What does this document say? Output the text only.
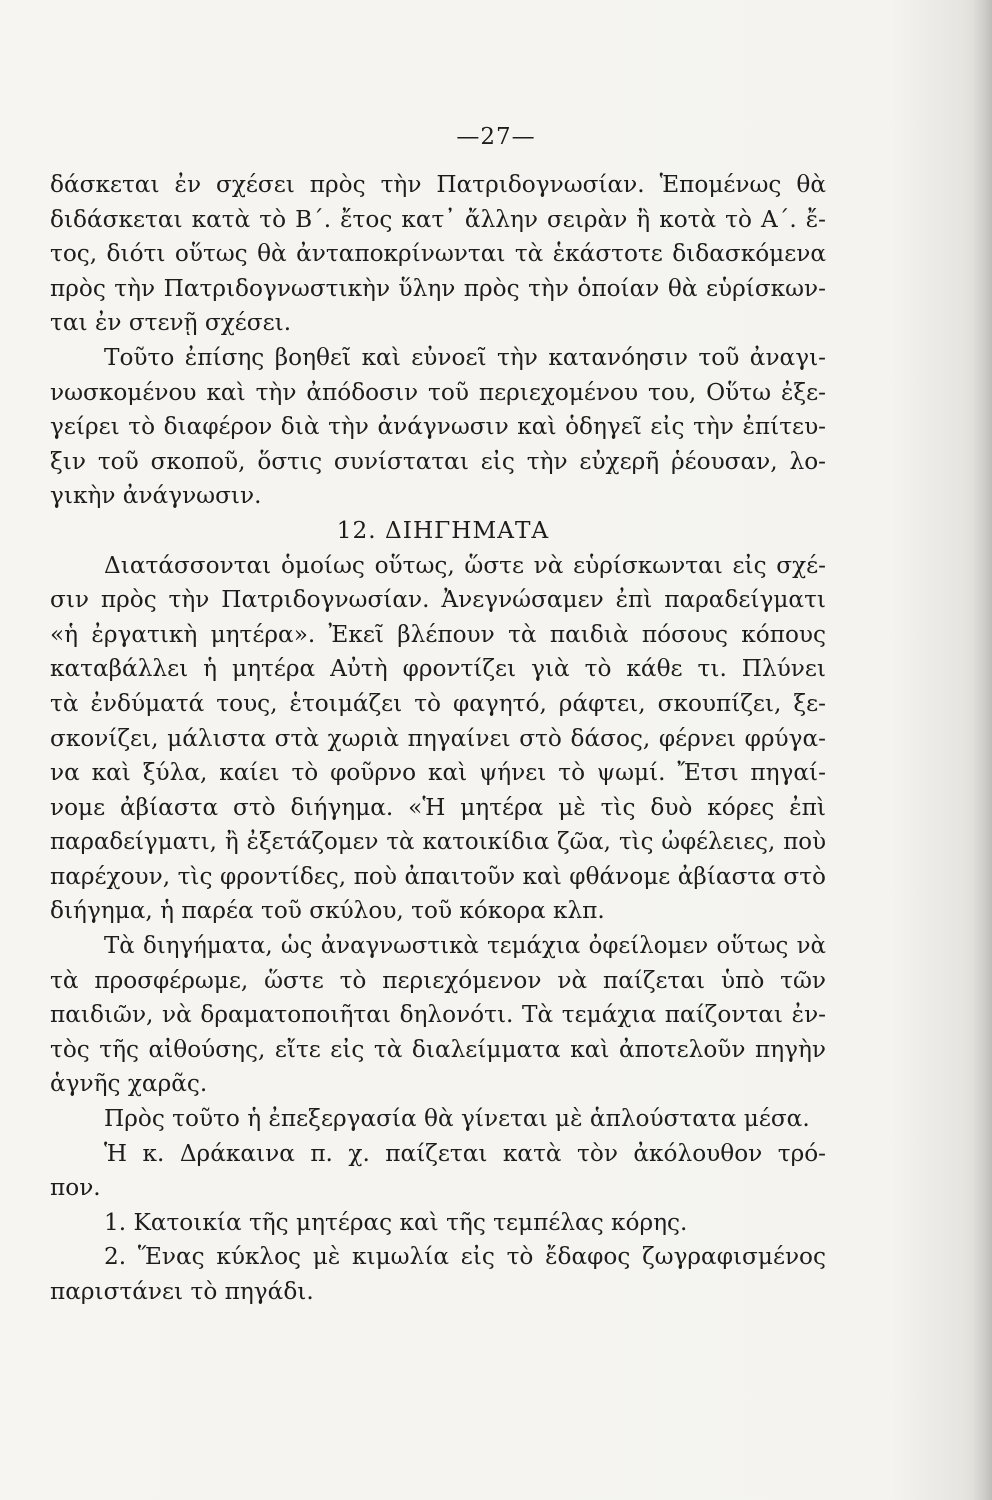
—27—
δάσκεται ἐν σχέσει πρὸς τὴν Πατριδογνωσίαν. Ἑπομένως θὰ
διδάσκεται κατὰ τὸ Β΄. ἔτος κατ᾽ ἄλλην σειρὰν ἢ κοτὰ τὸ Α΄. ἔ-
τος, διότι οὕτως θὰ ἀνταποκρίνωνται τὰ ἑκάστοτε διδασκόμενα
πρὸς τὴν Πατριδογνωστικὴν ὕλην πρὸς τὴν ὁποίαν θὰ εὑρίσκων-
ται ἐν στενῇ σχέσει.
Τοῦτο ἐπίσης βοηθεῖ καὶ εὐνοεῖ τὴν κατανόησιν τοῦ ἀναγι-
νωσκομένου καὶ τὴν ἀπόδοσιν τοῦ περιεχομένου του, Οὕτω ἐξε-
γείρει τὸ διαφέρον διὰ τὴν ἀνάγνωσιν καὶ ὁδηγεῖ εἰς τὴν ἐπίτευ-
ξιν τοῦ σκοποῦ, ὅστις συνίσταται εἰς τὴν εὐχερῆ ῥέουσαν, λο-
γικὴν ἀνάγνωσιν.
12. ΔΙΗΓΗΜΑΤΑ
Διατάσσονται ὁμοίως οὕτως, ὥστε νὰ εὑρίσκωνται εἰς σχέ-
σιν πρὸς τὴν Πατριδογνωσίαν. Ἀνεγνώσαμεν ἐπὶ παραδείγματι
«ἡ ἐργατικὴ μητέρα». Ἐκεῖ βλέπουν τὰ παιδιὰ πόσους κόπους
καταβάλλει ἡ μητέρα Αὐτὴ φροντίζει γιὰ τὸ κάθε τι. Πλύνει
τὰ ἐνδύματά τους, ἑτοιμάζει τὸ φαγητό, ράφτει, σκουπίζει, ξε-
σκονίζει, μάλιστα στὰ χωριὰ πηγαίνει στὸ δάσος, φέρνει φρύγα-
να καὶ ξύλα, καίει τὸ φοῦρνο καὶ ψήνει τὸ ψωμί. Ἔτσι πηγαί-
νομε ἀβίαστα στὸ διήγημα. «Ἡ μητέρα μὲ τὶς δυὸ κόρες ἐπὶ
παραδείγματι, ἢ ἐξετάζομεν τὰ κατοικίδια ζῶα, τὶς ὠφέλειες, ποὺ
παρέχουν, τὶς φροντίδες, ποὺ ἀπαιτοῦν καὶ φθάνομε ἀβίαστα στὸ
διήγημα, ἡ παρέα τοῦ σκύλου, τοῦ κόκορα κλπ.
Τὰ διηγήματα, ὡς ἀναγνωστικὰ τεμάχια ὀφείλομεν οὕτως νὰ
τὰ προσφέρωμε, ὥστε τὸ περιεχόμενον νὰ παίζεται ὑπὸ τῶν
παιδιῶν, νὰ δραματοποιῆται δηλονότι. Τὰ τεμάχια παίζονται ἐν-
τὸς τῆς αἰθούσης, εἴτε εἰς τὰ διαλείμματα καὶ ἀποτελοῦν πηγὴν
ἁγνῆς χαρᾶς.
Πρὸς τοῦτο ἡ ἐπεξεργασία θὰ γίνεται μὲ ἁπλούστατα μέσα.
Ἡ κ. Δράκαινα π. χ. παίζεται κατὰ τὸν ἀκόλουθον τρό-
πον.
1. Κατοικία τῆς μητέρας καὶ τῆς τεμπέλας κόρης.
2. Ἕνας κύκλος μὲ κιμωλία εἰς τὸ ἔδαφος ζωγραφισμένος
παριστάνει τὸ πηγάδι.
